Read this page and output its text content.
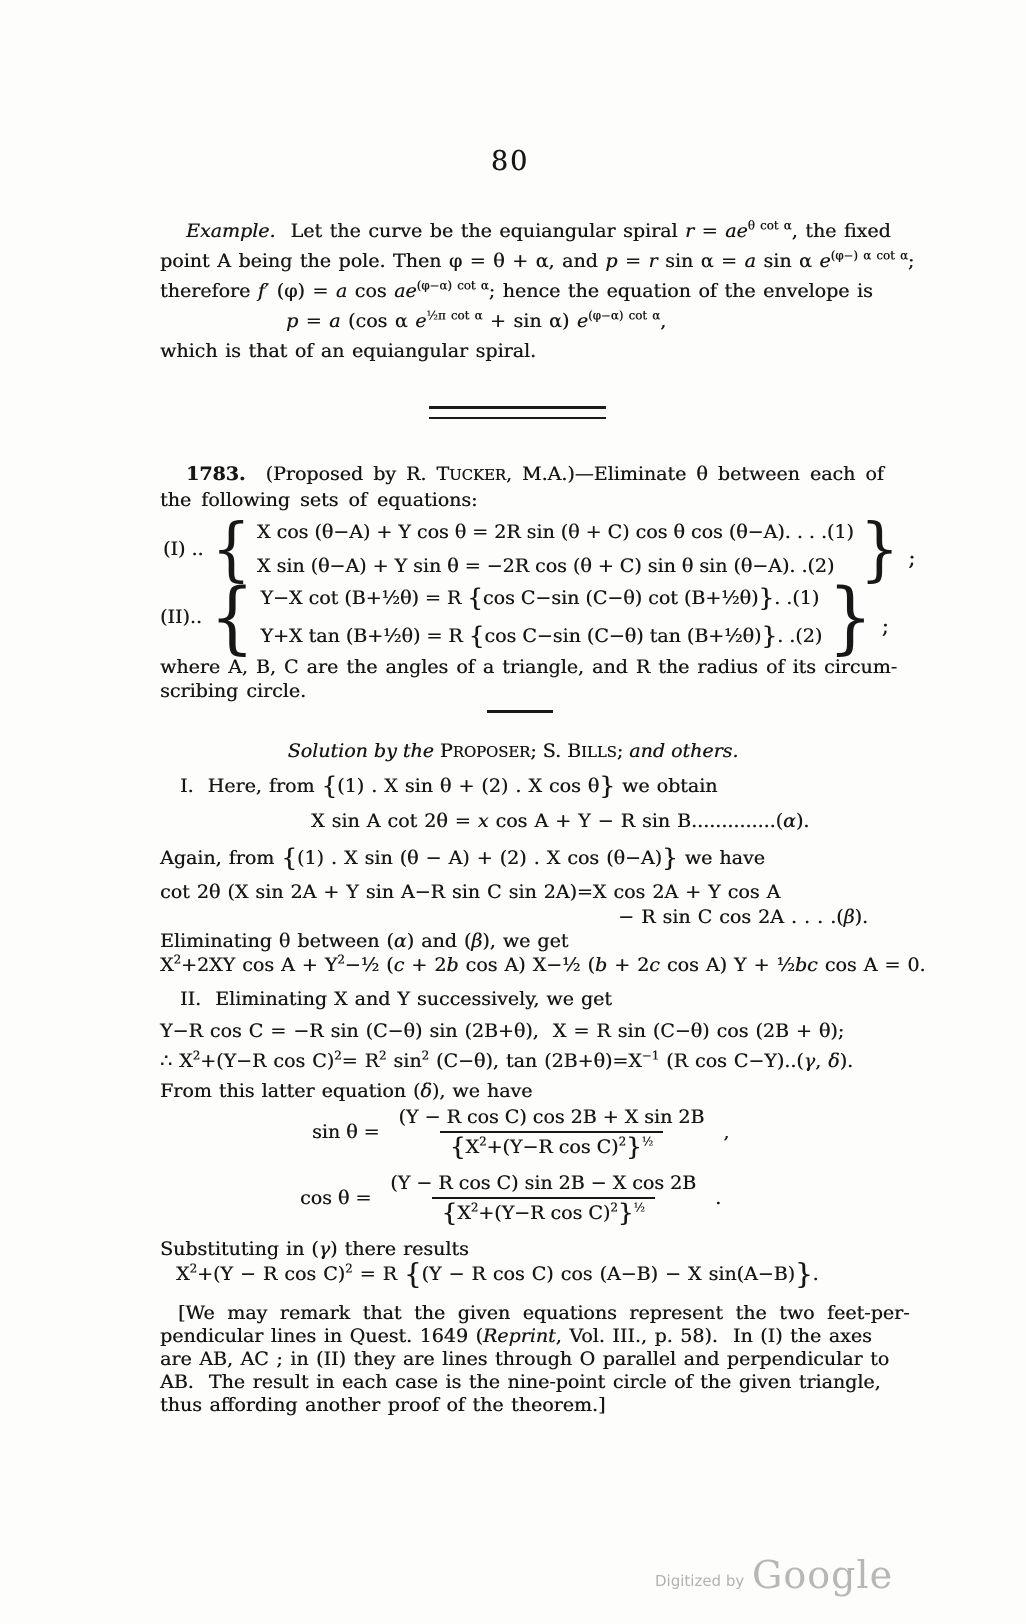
80
Example.  Let the curve be the equiangular spiral $r = ae^{\theta cot \alpha}$, the fixed
point A being the pole. Then φ = θ + α, and p = r sin α = a sin α $e^{(\varphi-) \alpha cot \alpha}$;
therefore f′ (φ) = a $\cos ae^{(\varphi-\alpha) cot \alpha}$; hence the equation of the envelope is
p = a (cos α $e^{\frac{1}{2}\pi cot \alpha} + \sin \alpha$) $e^{(\varphi-\alpha) cot \alpha}$,
which is that of an equiangular spiral.
1783.  (Proposed by R. TUCKER, M.A.)—Eliminate θ between each of
the following sets of equations:
(I) .. { X cos (θ−A) + Y cos θ = 2R sin (θ + C) cos θ cos (θ−A). . . .(1)
X sin (θ−A) + Y sin θ = −2R cos (θ + C) sin θ sin (θ−A). .(2) } ;
(II).. { Y−X cot (B+½θ) = R {cos C−sin (C−θ) cot (B+½θ)}. .(1)
Y+X tan (B+½θ) = R {cos C−sin (C−θ) tan (B+½θ)}. .(2) } ;
where A, B, C are the angles of a triangle, and R the radius of its circum-
scribing circle.
Solution by the PROPOSER; S. BILLS; and others.
I.  Here, from {(1) . X sin θ + (2) . X cos θ} we obtain
X sin A cot 2θ = x cos A + Y − R sin B..............(α).
Again, from {(1) . X sin (θ − A) + (2) . X cos (θ−A)} we have
cot 2θ (X sin 2A + Y sin A−R sin C sin 2A)=X cos 2A + Y cos A
− R sin C cos 2A . . . .(β).
Eliminating θ between (α) and (β), we get
$X^2+2XY$ $\cos A + Y^2-\frac{1}{2}$ (c + 2b cos A) X−½ (b + 2c cos A) Y + ½bc cos A = 0.
II.  Eliminating X and Y successively, we get
Y−R cos C = −R sin (C−θ) sin (2B+θ),  X = R sin (C−θ) cos (2B + θ);
∴ $X^2+(Y-R$ $\cos C)^2= R^2$ $\sin^2 (C-\theta)$, $\tan (2B+\theta)=X^{-1}$ (R cos C−Y)..(γ, δ).
From this latter equation (δ), we have
$\sin \theta = \frac{\text{(Y − R cos C) cos 2B + X sin 2B}}{\{X^2+(Y-R \cos C)^2\}^{\frac{1}{2}}}$ ,
$\cos \theta = \frac{\text{(Y − R cos C) sin 2B − X cos 2B}}{\{X^2+(Y-R \cos C)^2\}^{\frac{1}{2}}}$ .
Substituting in (γ) there results
$X^2+(Y - R$ cos C)$^2$ = R {(Y − R cos C) cos (A−B) − X sin(A−B)}.
[We may remark that the given equations represent the two feet-per-
pendicular lines in Quest. 1649 (Reprint, Vol. III., p. 58).  In (I) the axes
are AB, AC ; in (II) they are lines through O parallel and perpendicular to
AB.  The result in each case is the nine-point circle of the given triangle,
thus affording another proof of the theorem.]
Digitized by Google
